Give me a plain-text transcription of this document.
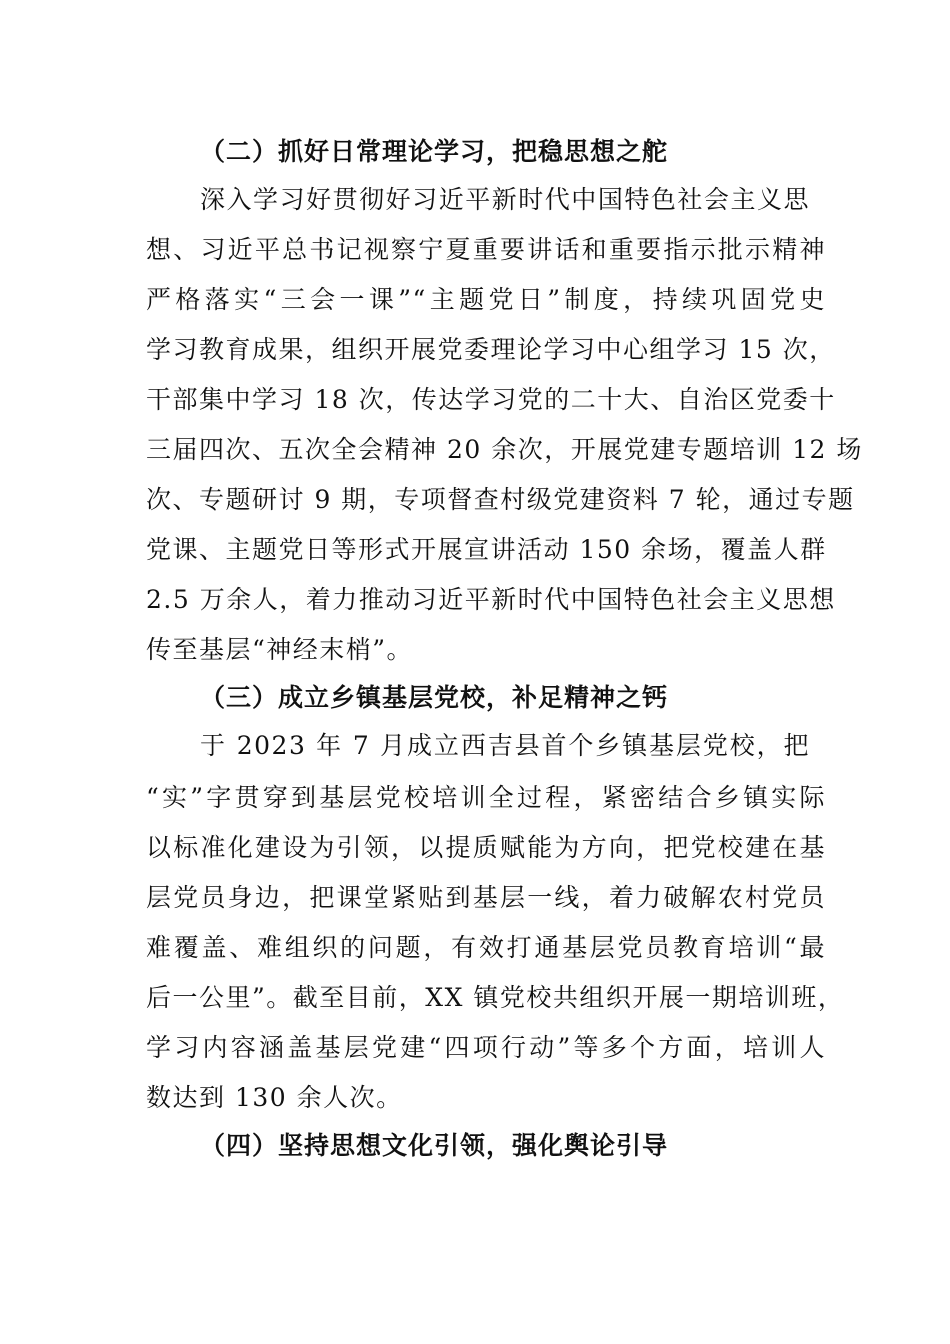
（二）抓好日常理论学习，把稳思想之舵

深入学习好贯彻好习近平新时代中国特色社会主义思

想、习近平总书记视察宁夏重要讲话和重要指示批示精神

严格落实“三会一课”“主题党日”制度，持续巩固党史

学习教育成果，组织开展党委理论学习中心组学习 15 次，

干部集中学习 18 次，传达学习党的二十大、自治区党委十

三届四次、五次全会精神 20 余次，开展党建专题培训 12 场

次、专题研讨 9 期，专项督查村级党建资料 7 轮，通过专题

党课、主题党日等形式开展宣讲活动 150 余场，覆盖人群

2.5 万余人，着力推动习近平新时代中国特色社会主义思想

传至基层“神经末梢”。

（三）成立乡镇基层党校，补足精神之钙

于 2023 年 7 月成立西吉县首个乡镇基层党校，把

“实”字贯穿到基层党校培训全过程，紧密结合乡镇实际

以标准化建设为引领，以提质赋能为方向，把党校建在基

层党员身边，把课堂紧贴到基层一线，着力破解农村党员

难覆盖、难组织的问题，有效打通基层党员教育培训“最

后一公里”。截至目前，XX 镇党校共组织开展一期培训班，

学习内容涵盖基层党建“四项行动”等多个方面，培训人

数达到 130 余人次。

（四）坚持思想文化引领，强化舆论引导
